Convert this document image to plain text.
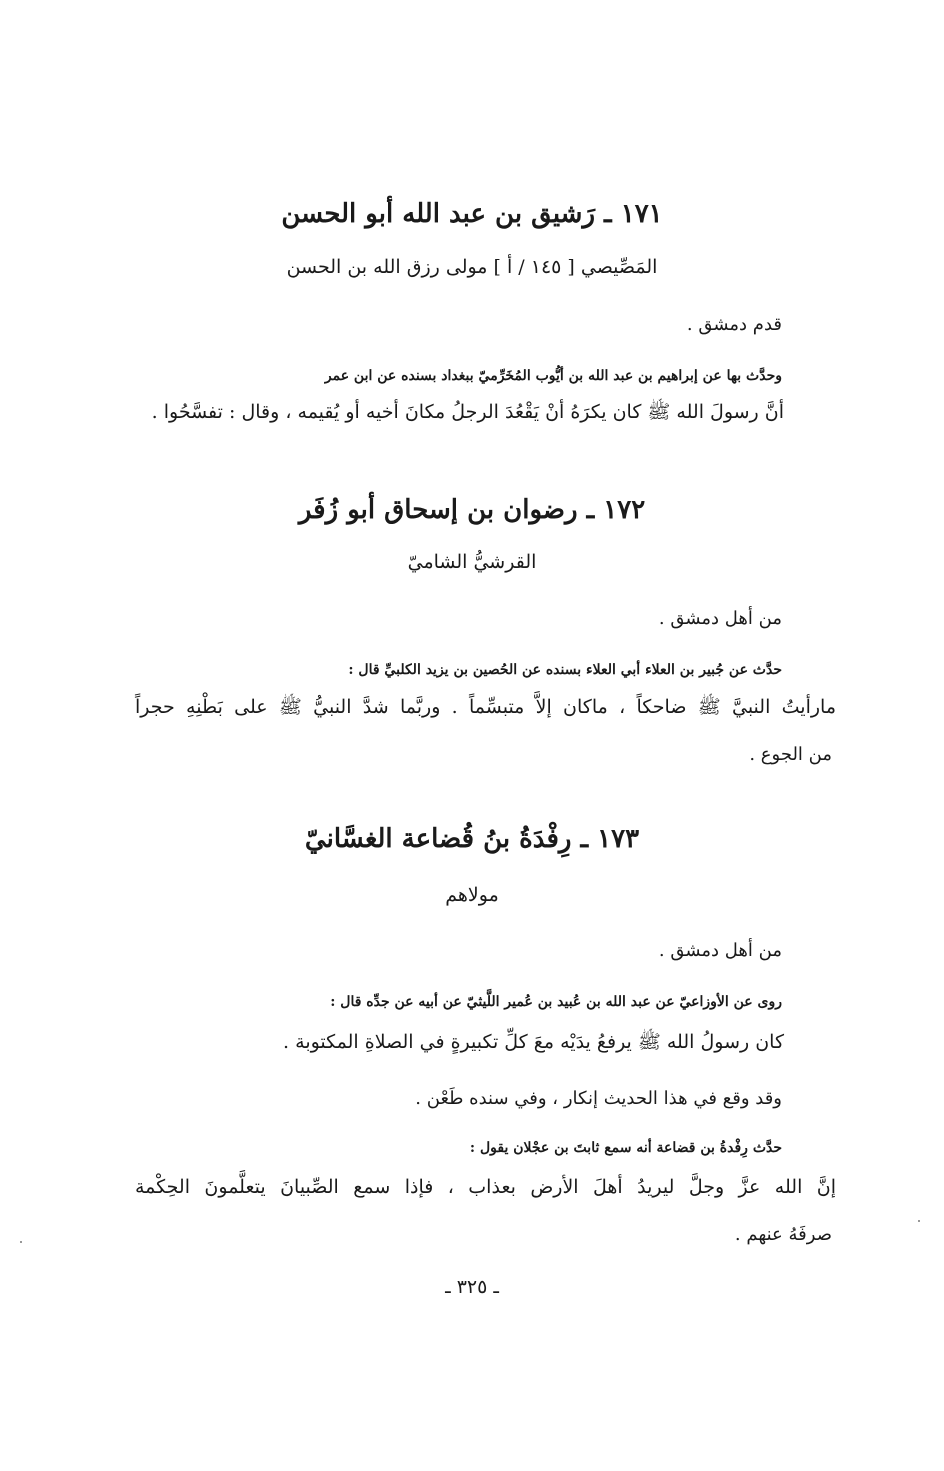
١٧١ ـ رَشيق بن عبد الله أبو الحسن
المَصِّيصي [ ١٤٥ / أ ] مولى رزق الله بن الحسن
قدم دمشق .
وحدَّث بها عن إبراهيم بن عبد الله بن أيُّوب المُخَرِّميّ ببغداد بسنده عن ابن عمر
أنَّ رسولَ الله ﷺ كان يكرَهُ أنْ يَقْعُدَ الرجلُ مكانَ أخيه أو يُقيمه ، وقال : تفسَّحُوا .
١٧٢ ـ رضوان بن إسحاق أبو زُفَر
القرشيُّ الشاميّ
من أهل دمشق .
حدَّث عن جُبير بن العلاء أبي العلاء بسنده عن الحُصين بن يزيد الكلبيِّ قال :
مارأيتُ النبيَّ ﷺ ضاحكاً ، ماكان إلاَّ متبسِّماً . وربَّما شدَّ النبيُّ ﷺ على بَطْنِهِ حجراً
من الجوع .
١٧٣ ـ رِفْدَةُ بنُ قُضاعة الغسَّانيّ
مولاهم
من أهل دمشق .
روى عن الأوزاعيّ عن عبد الله بن عُبيد بن عُمير اللَّيثيّ عن أبيه عن جدِّه قال :
كان رسولُ الله ﷺ يرفعُ يدَيْه معَ كلِّ تكبيرةٍ في الصلاةِ المكتوبة .
وقد وقع في هذا الحديث إنكار ، وفي سنده طَعْن .
حدَّث رِفْدةُ بن قضاعة أنه سمع ثابتَ بن عجْلان يقول :
إنَّ الله عزَّ وجلَّ ليريدُ أهلَ الأرض بعذاب ، فإذا سمع الصِّبيانَ يتعلَّمونَ الحِكْمة
صرفَهُ عنهم .
ـ ٣٢٥ ـ
